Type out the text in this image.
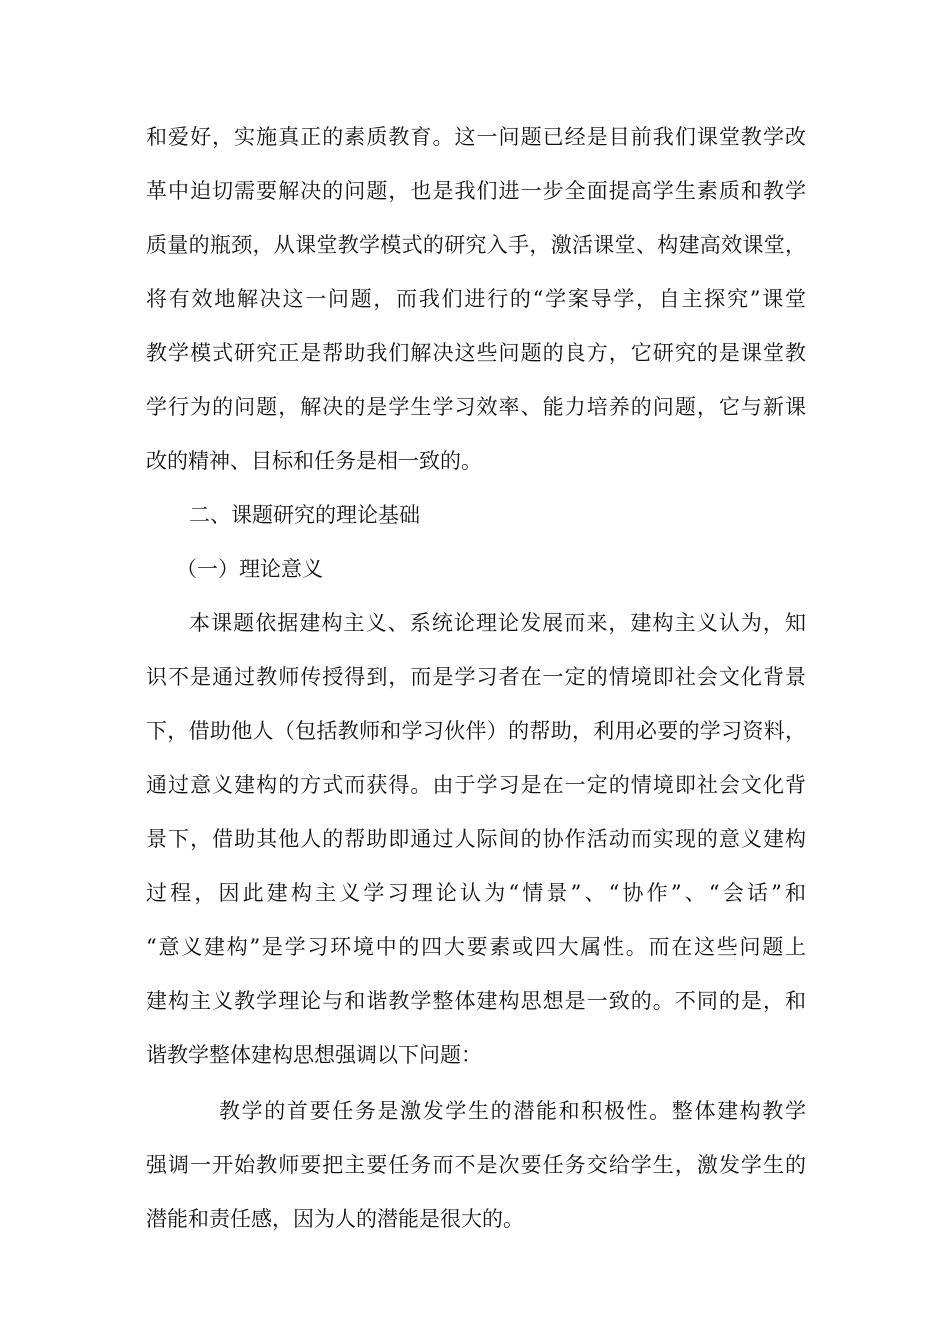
和爱好，实施真正的素质教育。这一问题已经是目前我们课堂教学改
革中迫切需要解决的问题，也是我们进一步全面提高学生素质和教学
质量的瓶颈，从课堂教学模式的研究入手，激活课堂、构建高效课堂，
将有效地解决这一问题，而我们进行的“学案导学，自主探究”课堂
教学模式研究正是帮助我们解决这些问题的良方，它研究的是课堂教
学行为的问题，解决的是学生学习效率、能力培养的问题，它与新课
改的精神、目标和任务是相一致的。
二、课题研究的理论基础
（一）理论意义
本课题依据建构主义、系统论理论发展而来，建构主义认为，知
识不是通过教师传授得到，而是学习者在一定的情境即社会文化背景
下，借助他人（包括教师和学习伙伴）的帮助，利用必要的学习资料，
通过意义建构的方式而获得。由于学习是在一定的情境即社会文化背
景下，借助其他人的帮助即通过人际间的协作活动而实现的意义建构
过程，因此建构主义学习理论认为“情景”、“协作”、“会话”和
“意义建构”是学习环境中的四大要素或四大属性。而在这些问题上
建构主义教学理论与和谐教学整体建构思想是一致的。不同的是，和
谐教学整体建构思想强调以下问题：
教学的首要任务是激发学生的潜能和积极性。整体建构教学
强调一开始教师要把主要任务而不是次要任务交给学生，激发学生的
潜能和责任感，因为人的潜能是很大的。
